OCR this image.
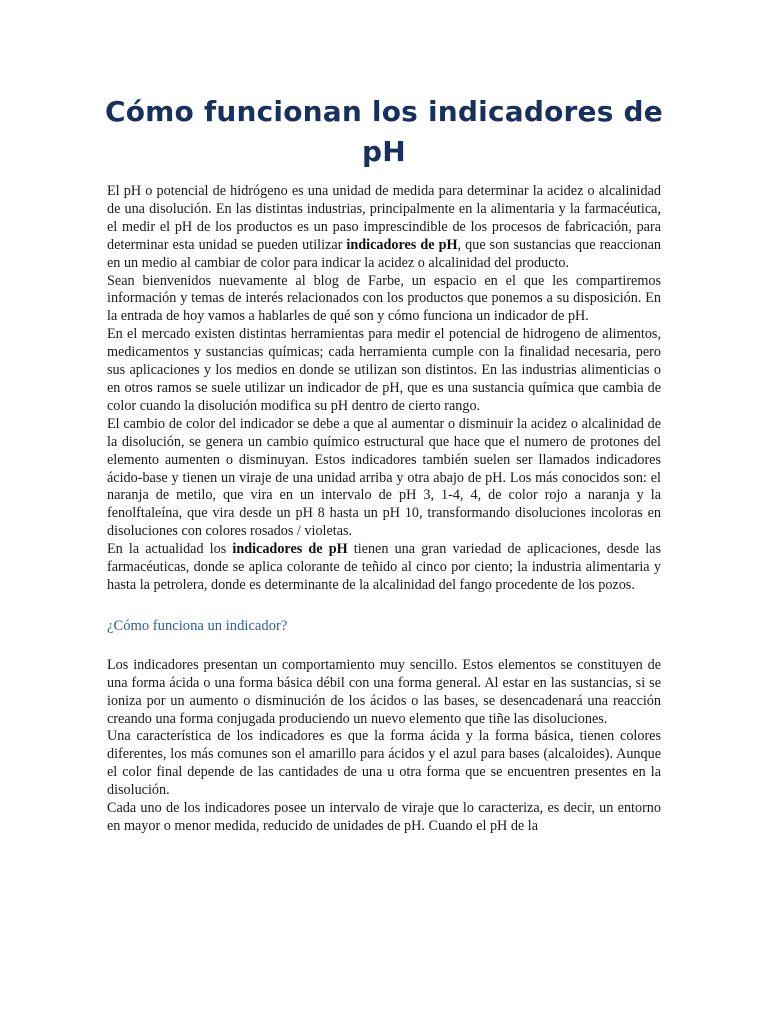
Cómo funcionan los indicadores de pH

El pH o potencial de hidrógeno es una unidad de medida para determinar la acidez o alcalinidad de una disolución. En las distintas industrias, principalmente en la alimentaria y la farmacéutica, el medir el pH de los productos es un paso imprescindible de los procesos de fabricación, para determinar esta unidad se pueden utilizar indicadores de pH, que son sustancias que reaccionan en un medio al cambiar de color para indicar la acidez o alcalinidad del producto.

Sean bienvenidos nuevamente al blog de Farbe, un espacio en el que les compartiremos información y temas de interés relacionados con los productos que ponemos a su disposición. En la entrada de hoy vamos a hablarles de qué son y cómo funciona un indicador de pH.

En el mercado existen distintas herramientas para medir el potencial de hidrogeno de alimentos, medicamentos y sustancias químicas; cada herramienta cumple con la finalidad necesaria, pero sus aplicaciones y los medios en donde se utilizan son distintos. En las industrias alimenticias o en otros ramos se suele utilizar un indicador de pH, que es una sustancia química que cambia de color cuando la disolución modifica su pH dentro de cierto rango.

El cambio de color del indicador se debe a que al aumentar o disminuir la acidez o alcalinidad de la disolución, se genera un cambio químico estructural que hace que el numero de protones del elemento aumenten o disminuyan. Estos indicadores también suelen ser llamados indicadores ácido-base y tienen un viraje de una unidad arriba y otra abajo de pH. Los más conocidos son: el naranja de metilo, que vira en un intervalo de pH 3, 1-4, 4, de color rojo a naranja y la fenolftaleína, que vira desde un pH 8 hasta un pH 10, transformando disoluciones incoloras en disoluciones con colores rosados / violetas.

En la actualidad los indicadores de pH tienen una gran variedad de aplicaciones, desde las farmacéuticas, donde se aplica colorante de teñido al cinco por ciento; la industria alimentaria y hasta la petrolera, donde es determinante de la alcalinidad del fango procedente de los pozos.

¿Cómo funciona un indicador?

Los indicadores presentan un comportamiento muy sencillo. Estos elementos se constituyen de una forma ácida o una forma básica débil con una forma general. Al estar en las sustancias, si se ioniza por un aumento o disminución de los ácidos o las bases, se desencadenará una reacción creando una forma conjugada produciendo un nuevo elemento que tiñe las disoluciones.

Una característica de los indicadores es que la forma ácida y la forma básica, tienen colores diferentes, los más comunes son el amarillo para ácidos y el azul para bases (alcaloides). Aunque el color final depende de las cantidades de una u otra forma que se encuentren presentes en la disolución.

Cada uno de los indicadores posee un intervalo de viraje que lo caracteriza, es decir, un entorno en mayor o menor medida, reducido de unidades de pH. Cuando el pH de la
